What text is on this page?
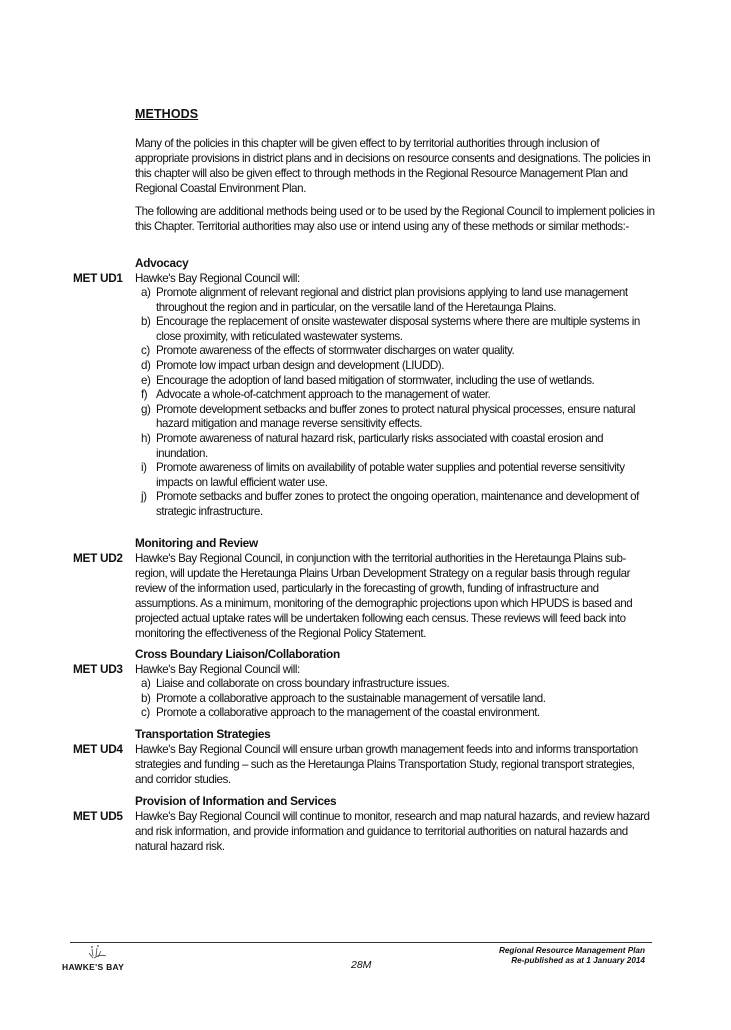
METHODS
Many of the policies in this chapter will be given effect to by territorial authorities through inclusion of appropriate provisions in district plans and in decisions on resource consents and designations. The policies in this chapter will also be given effect to through methods in the Regional Resource Management Plan and Regional Coastal Environment Plan.
The following are additional methods being used or to be used by the Regional Council to implement policies in this Chapter. Territorial authorities may also use or intend using any of these methods or similar methods:-
Advocacy
MET UD1 Hawke's Bay Regional Council will:
a) Promote alignment of relevant regional and district plan provisions applying to land use management throughout the region and in particular, on the versatile land of the Heretaunga Plains.
b) Encourage the replacement of onsite wastewater disposal systems where there are multiple systems in close proximity, with reticulated wastewater systems.
c) Promote awareness of the effects of stormwater discharges on water quality.
d) Promote low impact urban design and development (LIUDD).
e) Encourage the adoption of land based mitigation of stormwater, including the use of wetlands.
f) Advocate a whole-of-catchment approach to the management of water.
g) Promote development setbacks and buffer zones to protect natural physical processes, ensure natural hazard mitigation and manage reverse sensitivity effects.
h) Promote awareness of natural hazard risk, particularly risks associated with coastal erosion and inundation.
i) Promote awareness of limits on availability of potable water supplies and potential reverse sensitivity impacts on lawful efficient water use.
j) Promote setbacks and buffer zones to protect the ongoing operation, maintenance and development of strategic infrastructure.
Monitoring and Review
MET UD2 Hawke's Bay Regional Council, in conjunction with the territorial authorities in the Heretaunga Plains sub-region, will update the Heretaunga Plains Urban Development Strategy on a regular basis through regular review of the information used, particularly in the forecasting of growth, funding of infrastructure and assumptions. As a minimum, monitoring of the demographic projections upon which HPUDS is based and projected actual uptake rates will be undertaken following each census. These reviews will feed back into monitoring the effectiveness of the Regional Policy Statement.
Cross Boundary Liaison/Collaboration
MET UD3 Hawke's Bay Regional Council will:
a) Liaise and collaborate on cross boundary infrastructure issues.
b) Promote a collaborative approach to the sustainable management of versatile land.
c) Promote a collaborative approach to the management of the coastal environment.
Transportation Strategies
MET UD4 Hawke's Bay Regional Council will ensure urban growth management feeds into and informs transportation strategies and funding – such as the Heretaunga Plains Transportation Study, regional transport strategies, and corridor studies.
Provision of Information and Services
MET UD5 Hawke's Bay Regional Council will continue to monitor, research and map natural hazards, and review hazard and risk information, and provide information and guidance to territorial authorities on natural hazards and natural hazard risk.
HAWKE'S BAY	28M
Regional Resource Management Plan
Re-published as at 1 January 2014
